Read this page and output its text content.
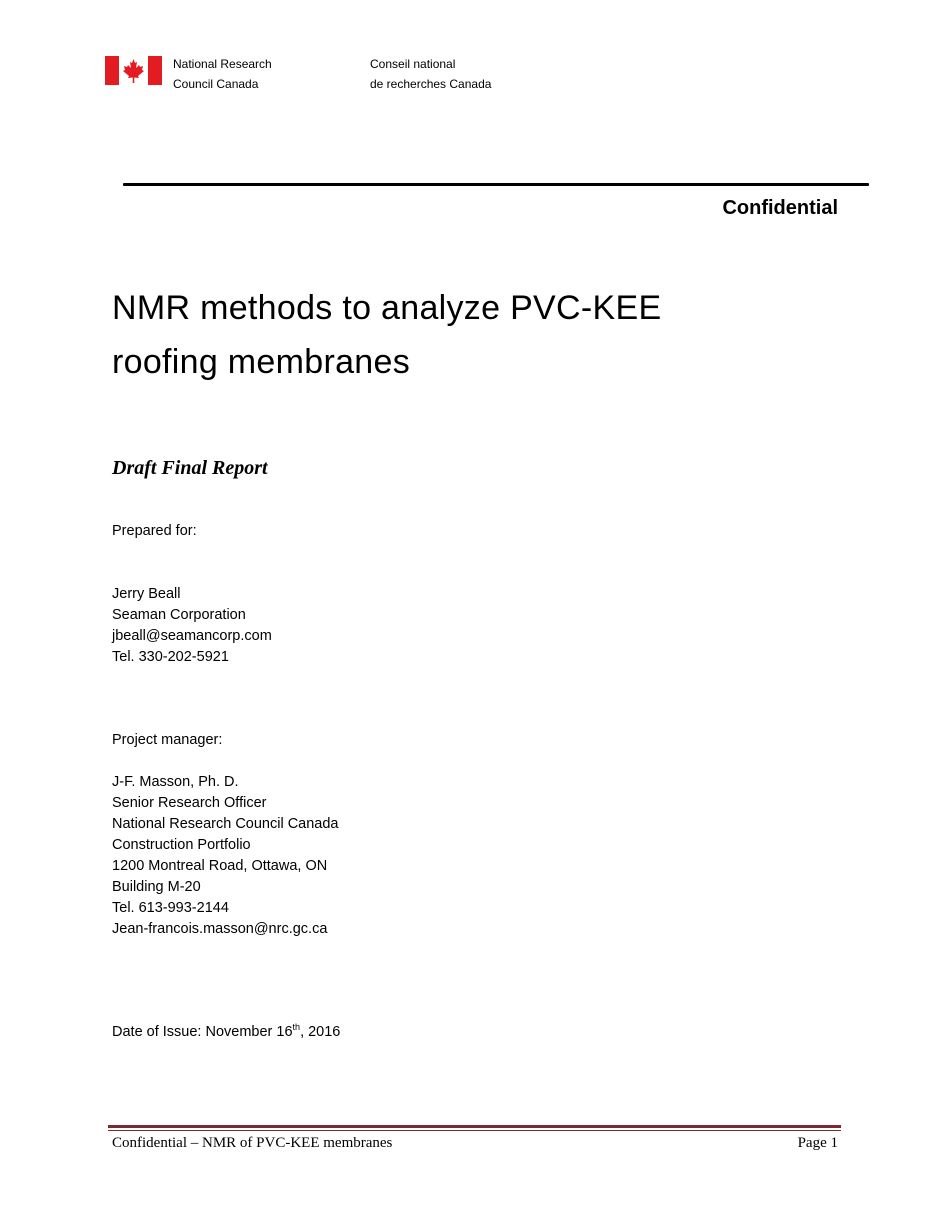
National Research
Council Canada
Conseil national
de recherches Canada
Confidential
NMR methods to analyze PVC-KEE
roofing membranes
Draft Final Report
Prepared for:
Jerry Beall
Seaman Corporation
jbeall@seamancorp.com
Tel. 330-202-5921
Project manager:
J-F. Masson, Ph. D.
Senior Research Officer
National Research Council Canada
Construction Portfolio
1200 Montreal Road, Ottawa, ON
Building M-20
Tel. 613-993-2144
Jean-francois.masson@nrc.gc.ca
Date of Issue: November 16th, 2016
Confidential – NMR of PVC-KEE membranes	Page 1
